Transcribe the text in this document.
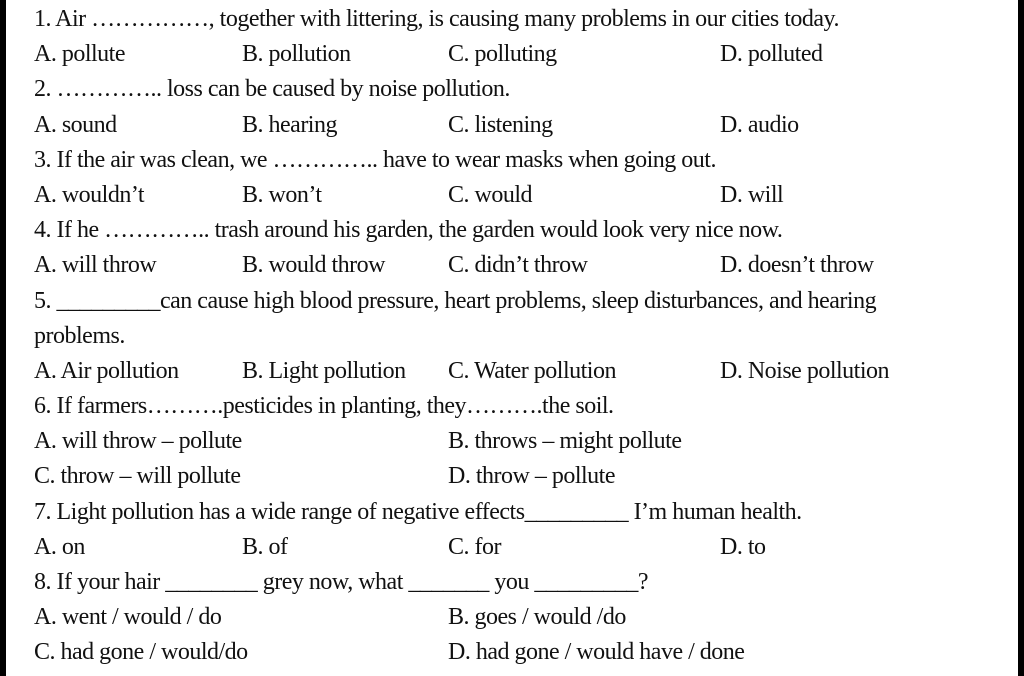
1. Air ……………, together with littering, is causing many problems in our cities today.
A. pollute	B. pollution	C. polluting	D. polluted
2. ………….. loss can be caused by noise pollution.
A. sound	B. hearing	C. listening	D. audio
3. If the air was clean, we ………….. have to wear masks when going out.
A. wouldn’t	B. won’t	C. would	D. will
4. If he ………….. trash around his garden, the garden would look very nice now.
A. will throw	B. would throw	C. didn’t throw	D. doesn’t throw
5. _________can cause high blood pressure, heart problems, sleep disturbances, and hearing
problems.
A. Air pollution	B. Light pollution C. Water pollution	D. Noise pollution
6. If farmers……….pesticides in planting, they……….the soil.
A. will throw – pollute	B. throws – might pollute
C. throw – will pollute	D. throw – pollute
7. Light pollution has a wide range of negative effects_________ I’m human health.
A. on	B. of	C. for	D. to
8. If your hair ________ grey now, what _______ you _________?
A. went / would / do	B. goes / would /do
C. had gone / would/do	D. had gone / would have / done
